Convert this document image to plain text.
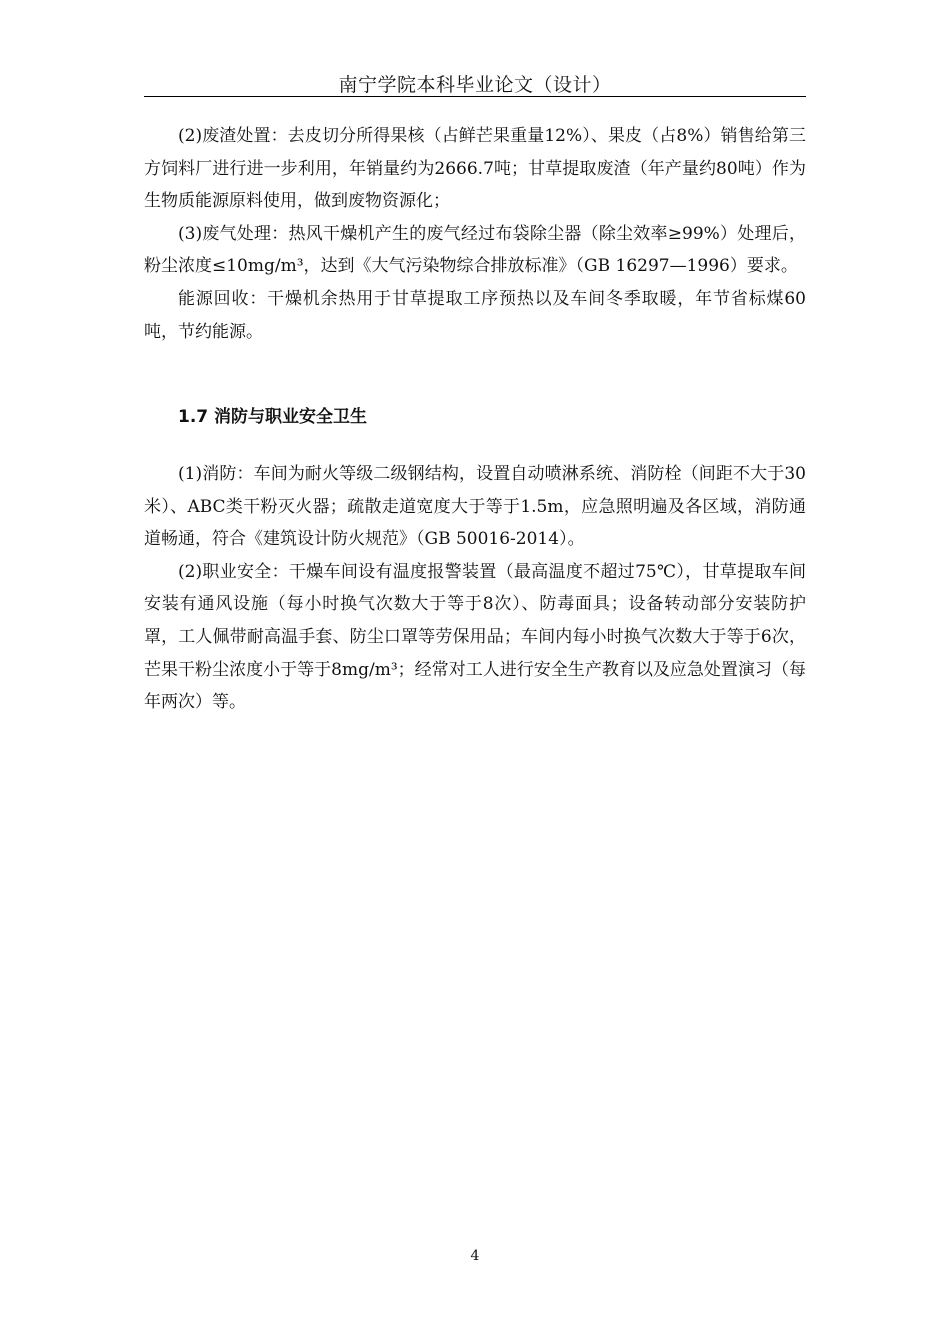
南宁学院本科毕业论文（设计）

(2)废渣处置：去皮切分所得果核（占鲜芒果重量12%）、果皮（占8%）销售给第三方饲料厂进行进一步利用，年销量约为2666.7吨；甘草提取废渣（年产量约80吨）作为生物质能源原料使用，做到废物资源化；

(3)废气处理：热风干燥机产生的废气经过布袋除尘器（除尘效率≥99%）处理后，粉尘浓度≤10mg/m³，达到《大气污染物综合排放标准》（GB 16297—1996）要求。

能源回收：干燥机余热用于甘草提取工序预热以及车间冬季取暖，年节省标煤60吨，节约能源。

1.7 消防与职业安全卫生

(1)消防：车间为耐火等级二级钢结构，设置自动喷淋系统、消防栓（间距不大于30米）、ABC类干粉灭火器；疏散走道宽度大于等于1.5m，应急照明遍及各区域，消防通道畅通，符合《建筑设计防火规范》（GB 50016-2014）。

(2)职业安全：干燥车间设有温度报警装置（最高温度不超过75℃），甘草提取车间安装有通风设施（每小时换气次数大于等于8次）、防毒面具；设备转动部分安装防护罩，工人佩带耐高温手套、防尘口罩等劳保用品；车间内每小时换气次数大于等于6次，芒果干粉尘浓度小于等于8mg/m³；经常对工人进行安全生产教育以及应急处置演习（每年两次）等。

4
